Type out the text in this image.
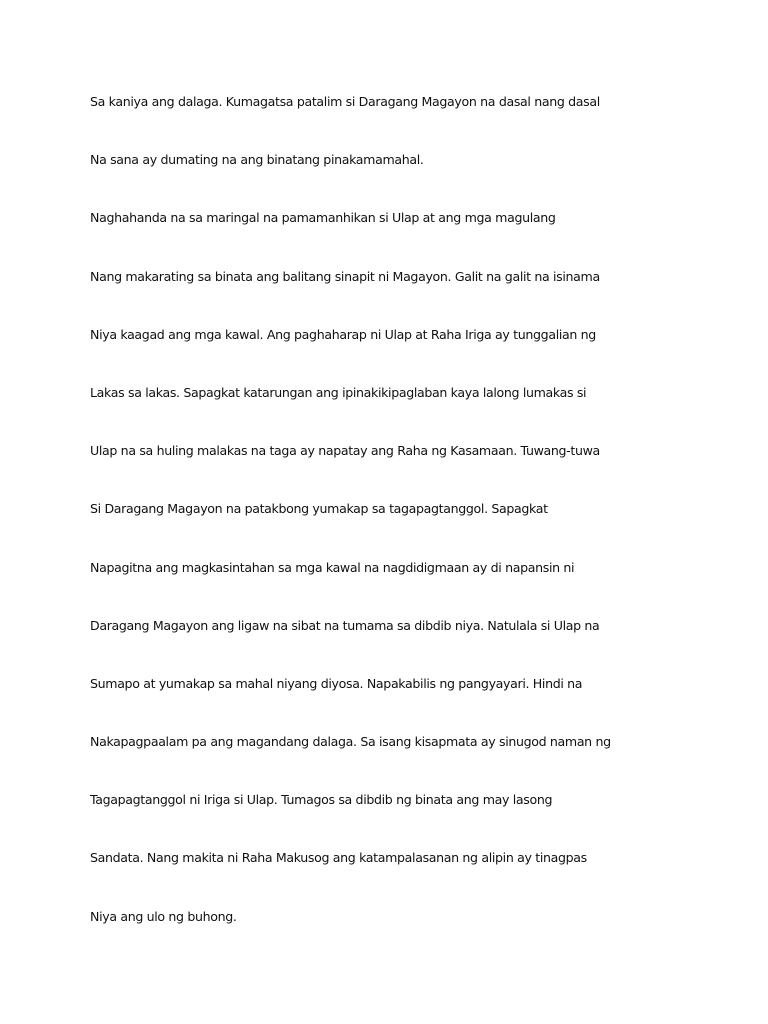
Sa kaniya ang dalaga. Kumagatsa patalim si Daragang Magayon na dasal nang dasal

Na sana ay dumating na ang binatang pinakamamahal.

Naghahanda na sa maringal na pamamanhikan si Ulap at ang mga magulang

Nang makarating sa binata ang balitang sinapit ni Magayon. Galit na galit na isinama

Niya kaagad ang mga kawal. Ang paghaharap ni Ulap at Raha Iriga ay tunggalian ng

Lakas sa lakas. Sapagkat katarungan ang ipinakikipaglaban kaya lalong lumakas si

Ulap na sa huling malakas na taga ay napatay ang Raha ng Kasamaan. Tuwang-tuwa

Si Daragang Magayon na patakbong yumakap sa tagapagtanggol. Sapagkat

Napagitna ang magkasintahan sa mga kawal na nagdidigmaan ay di napansin ni

Daragang Magayon ang ligaw na sibat na tumama sa dibdib niya. Natulala si Ulap na

Sumapo at yumakap sa mahal niyang diyosa. Napakabilis ng pangyayari. Hindi na

Nakapagpaalam pa ang magandang dalaga. Sa isang kisapmata ay sinugod naman ng

Tagapagtanggol ni Iriga si Ulap. Tumagos sa dibdib ng binata ang may lasong

Sandata. Nang makita ni Raha Makusog ang katampalasanan ng alipin ay tinagpas

Niya ang ulo ng buhong.
